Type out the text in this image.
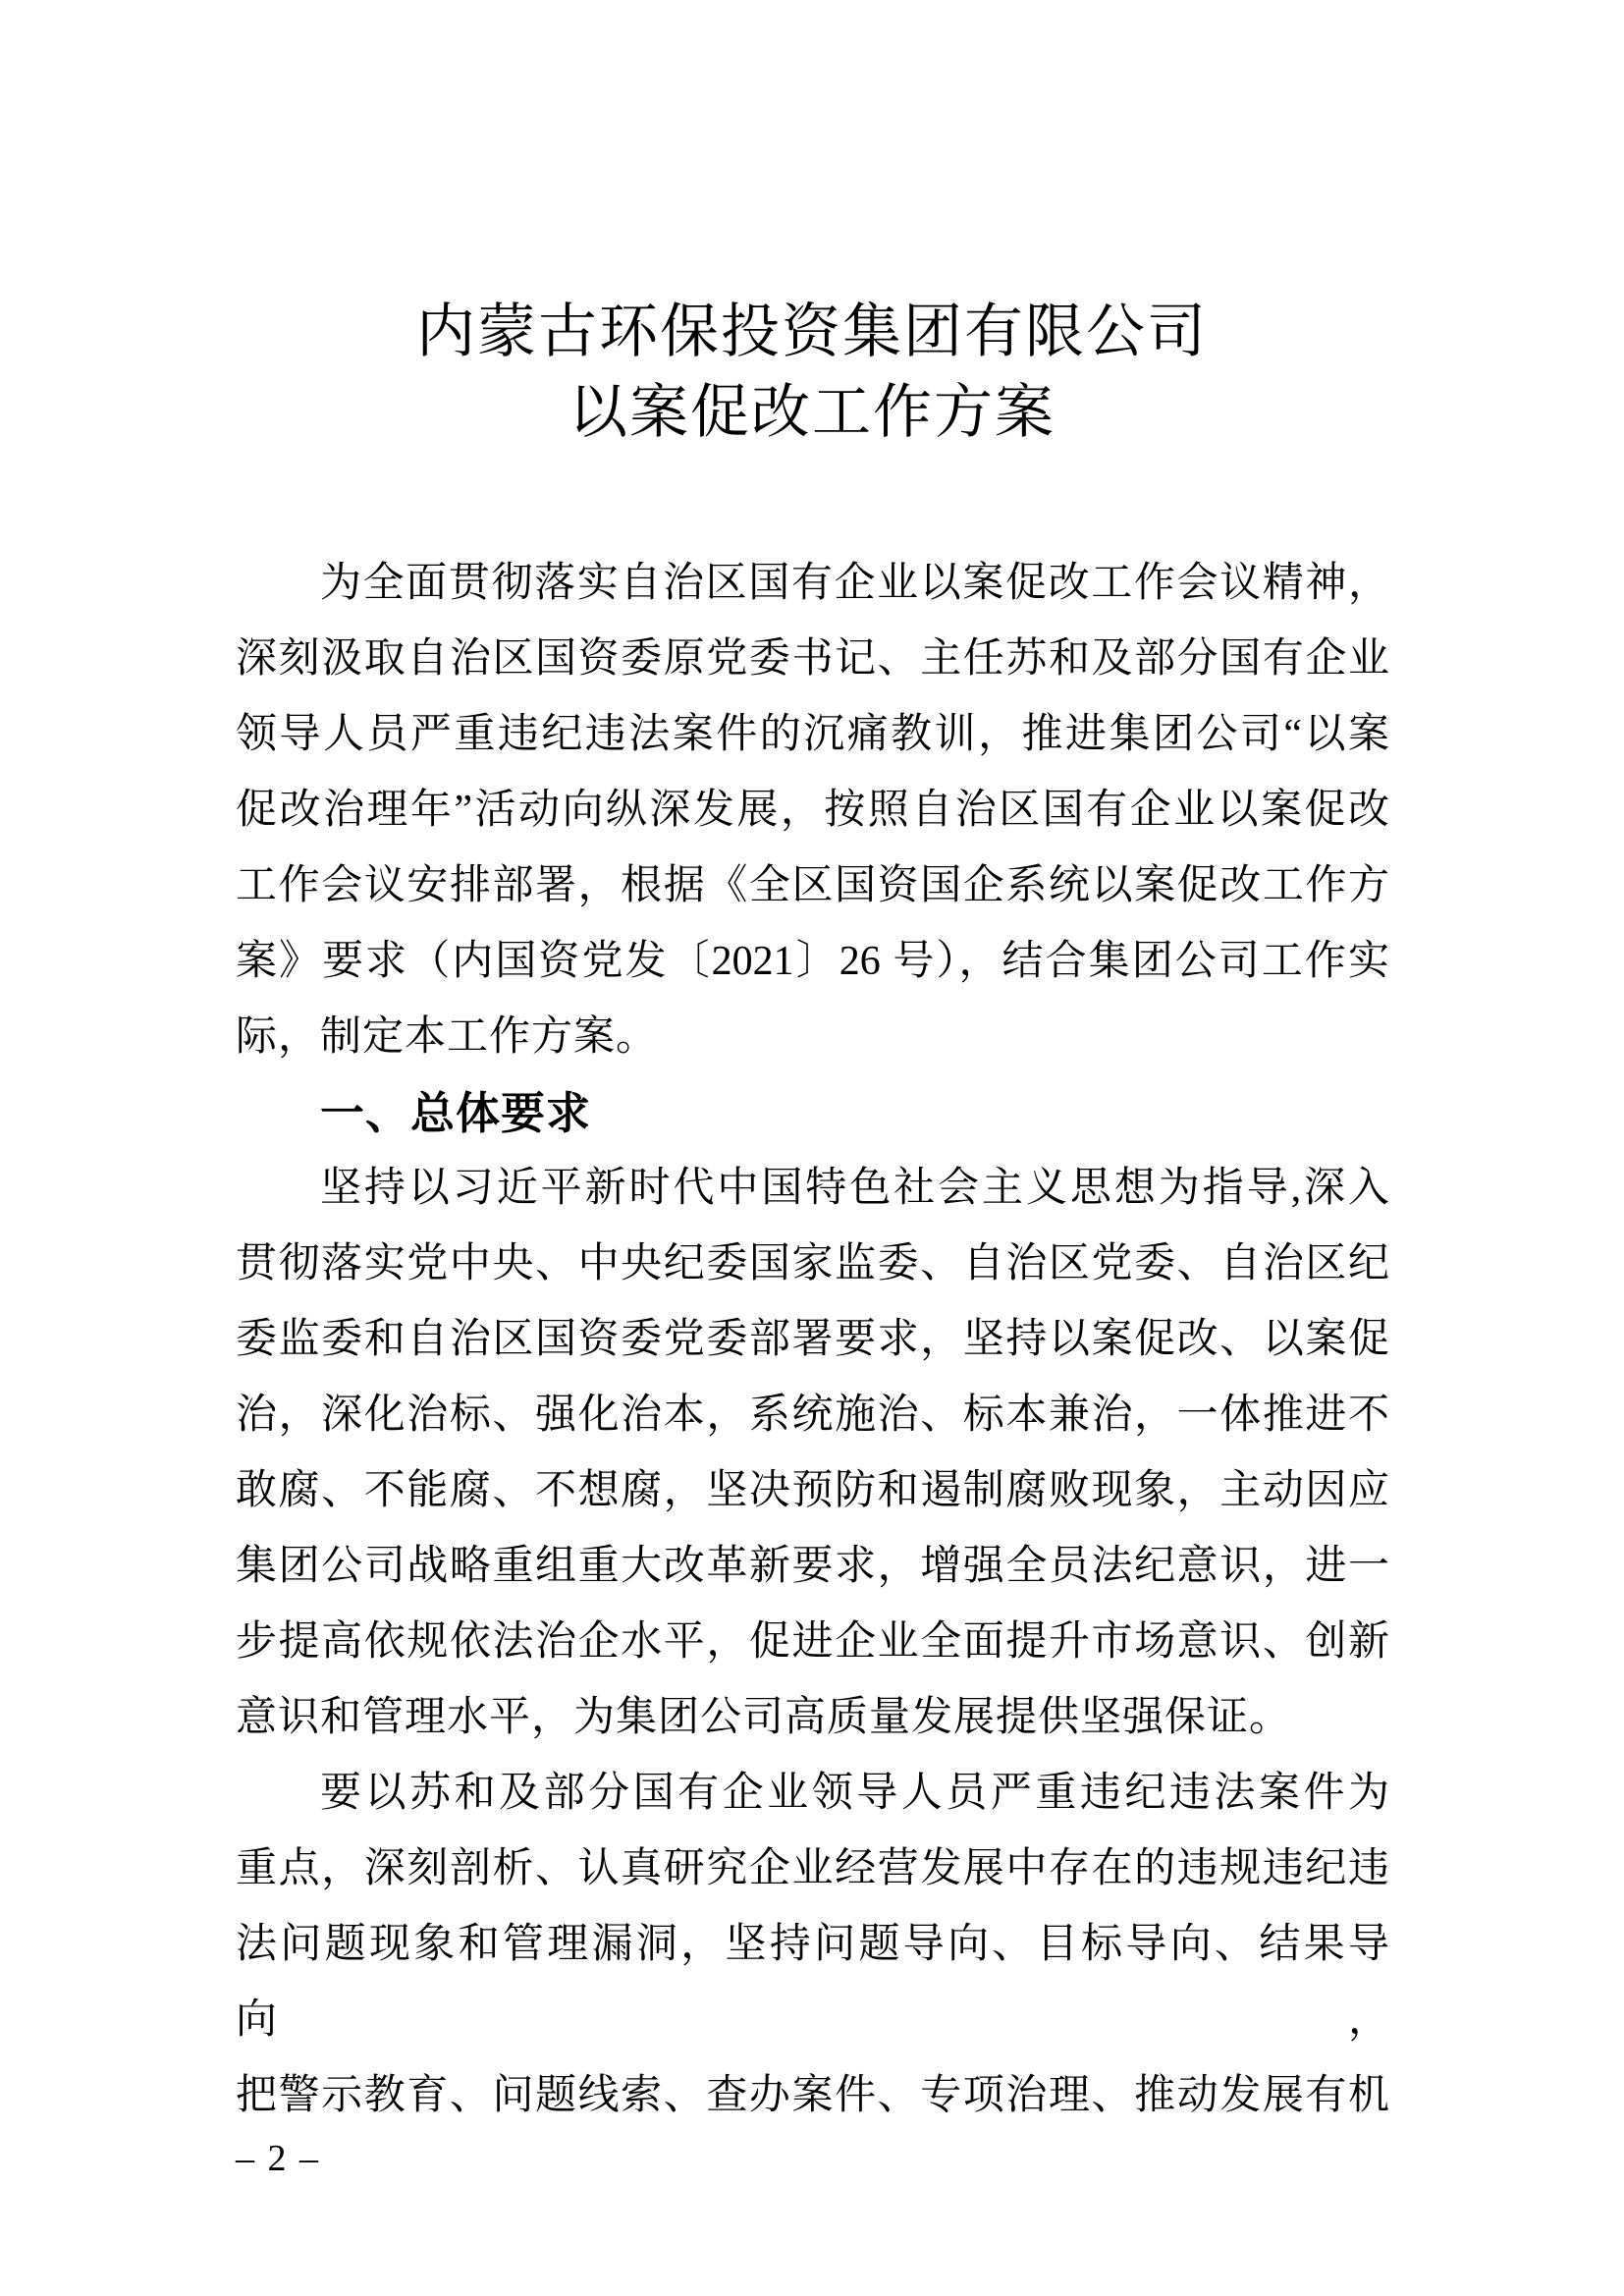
内蒙古环保投资集团有限公司
以案促改工作方案
为全面贯彻落实自治区国有企业以案促改工作会议精神，
深刻汲取自治区国资委原党委书记、主任苏和及部分国有企业
领导人员严重违纪违法案件的沉痛教训，推进集团公司“以案
促改治理年”活动向纵深发展，按照自治区国有企业以案促改
工作会议安排部署，根据《全区国资国企系统以案促改工作方
案》要求（内国资党发〔2021〕26 号），结合集团公司工作实
际，制定本工作方案。
一、总体要求
坚持以习近平新时代中国特色社会主义思想为指导,深入
贯彻落实党中央、中央纪委国家监委、自治区党委、自治区纪
委监委和自治区国资委党委部署要求，坚持以案促改、以案促
治，深化治标、强化治本，系统施治、标本兼治，一体推进不
敢腐、不能腐、不想腐，坚决预防和遏制腐败现象，主动因应
集团公司战略重组重大改革新要求，增强全员法纪意识，进一
步提高依规依法治企水平，促进企业全面提升市场意识、创新
意识和管理水平，为集团公司高质量发展提供坚强保证。
要以苏和及部分国有企业领导人员严重违纪违法案件为
重点，深刻剖析、认真研究企业经营发展中存在的违规违纪违
法问题现象和管理漏洞，坚持问题导向、目标导向、结果导向，
把警示教育、问题线索、查办案件、专项治理、推动发展有机
– 2 –
